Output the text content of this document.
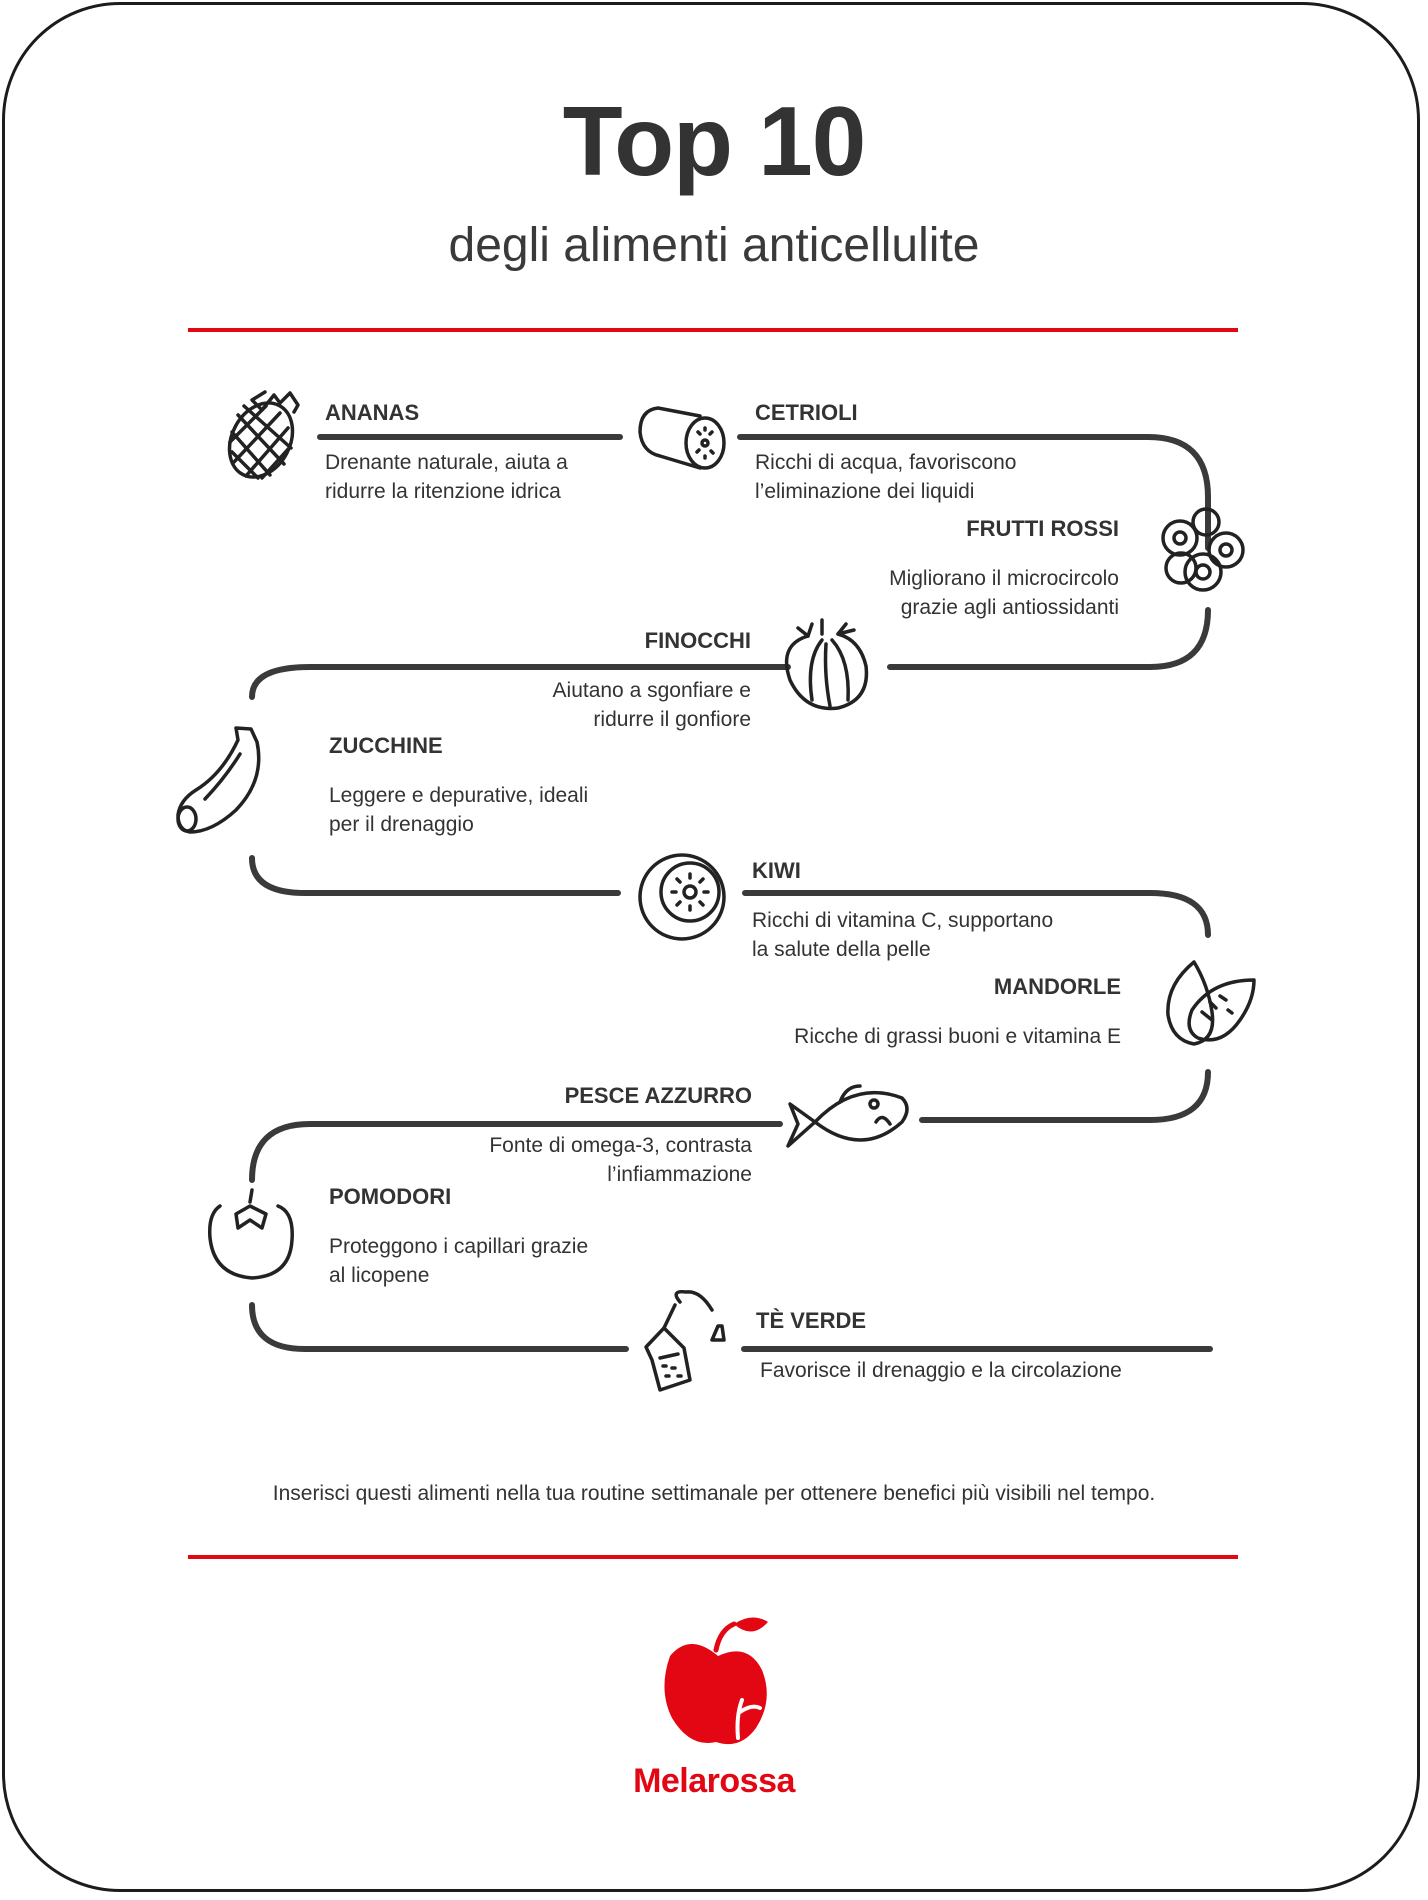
Top 10
degli alimenti anticellulite
ANANAS
Drenante naturale, aiuta a
ridurre la ritenzione idrica
CETRIOLI
Ricchi di acqua, favoriscono
l’eliminazione dei liquidi
FRUTTI ROSSI
Migliorano il microcircolo
grazie agli antiossidanti
FINOCCHI
Aiutano a sgonfiare e
ridurre il gonfiore
ZUCCHINE
Leggere e depurative, ideali
per il drenaggio
KIWI
Ricchi di vitamina C, supportano
la salute della pelle
MANDORLE
Ricche di grassi buoni e vitamina E
PESCE AZZURRO
Fonte di omega-3, contrasta
l’infiammazione
POMODORI
Proteggono i capillari grazie
al licopene
TÈ VERDE
Favorisce il drenaggio e la circolazione
Inserisci questi alimenti nella tua routine settimanale per ottenere benefici più visibili nel tempo.
Melarossa
